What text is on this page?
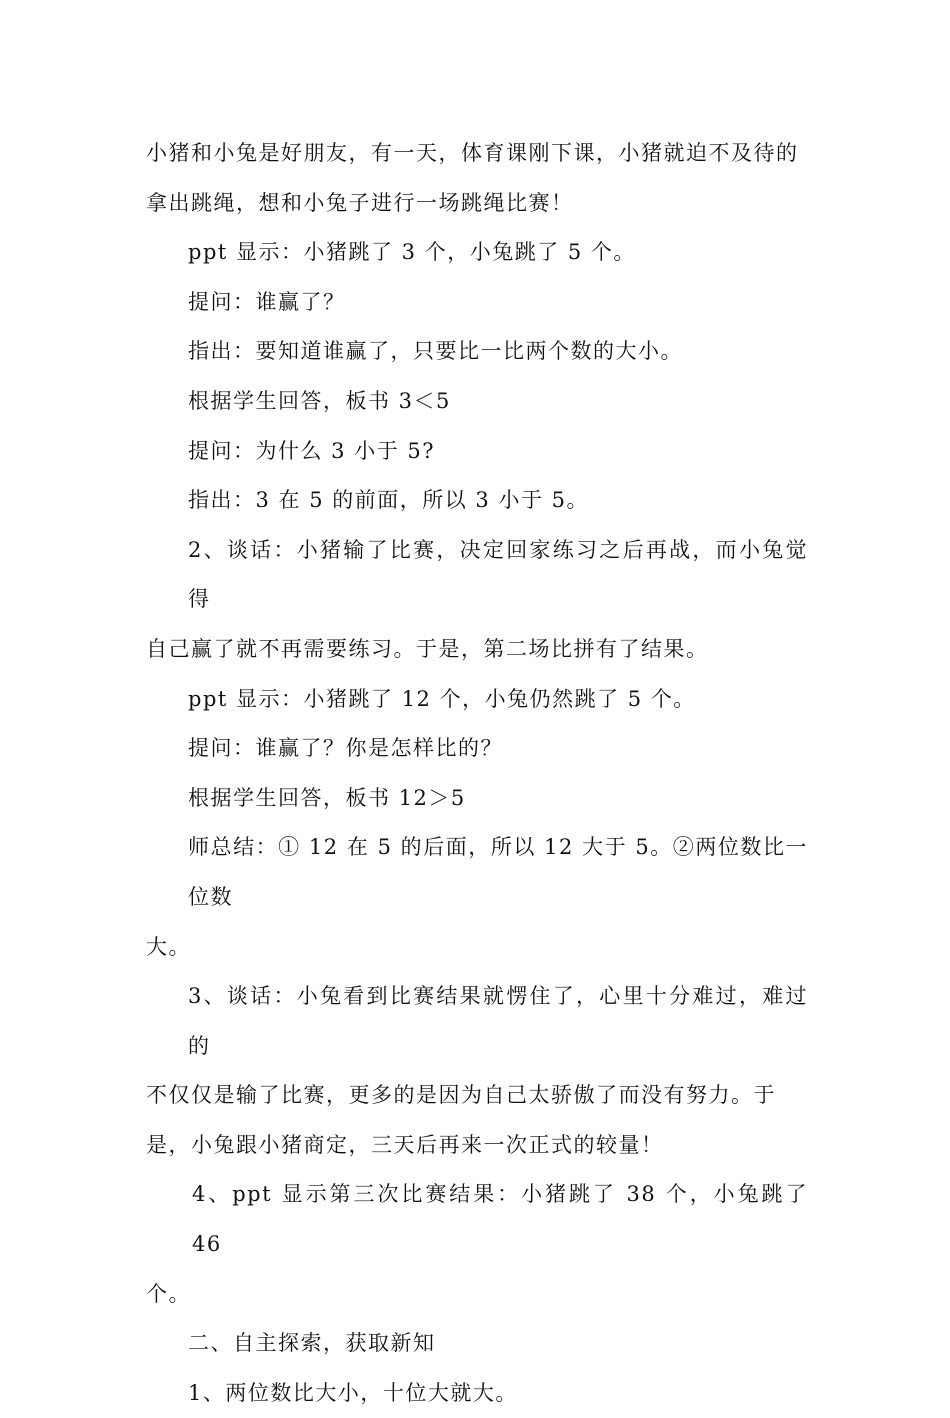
小猪和小兔是好朋友，有一天，体育课刚下课，小猪就迫不及待的
拿出跳绳，想和小兔子进行一场跳绳比赛！
ppt 显示：小猪跳了 3 个，小兔跳了 5 个。
提问：谁赢了？
指出：要知道谁赢了，只要比一比两个数的大小。
根据学生回答，板书 3＜5
提问：为什么 3 小于 5?
指出：3 在 5 的前面，所以 3 小于 5。
2、谈话：小猪输了比赛，决定回家练习之后再战，而小兔觉得
自己赢了就不再需要练习。于是，第二场比拼有了结果。
ppt 显示：小猪跳了 12 个，小兔仍然跳了 5 个。
提问：谁赢了？你是怎样比的？
根据学生回答，板书 12＞5
师总结：① 12 在 5 的后面，所以 12 大于 5。②两位数比一位数
大。
3、谈话：小兔看到比赛结果就愣住了，心里十分难过，难过的
不仅仅是输了比赛，更多的是因为自己太骄傲了而没有努力。于
是，小兔跟小猪商定，三天后再来一次正式的较量！
4、ppt 显示第三次比赛结果：小猪跳了 38 个，小兔跳了 46
个。
二、自主探索，获取新知
1、两位数比大小，十位大就大。
